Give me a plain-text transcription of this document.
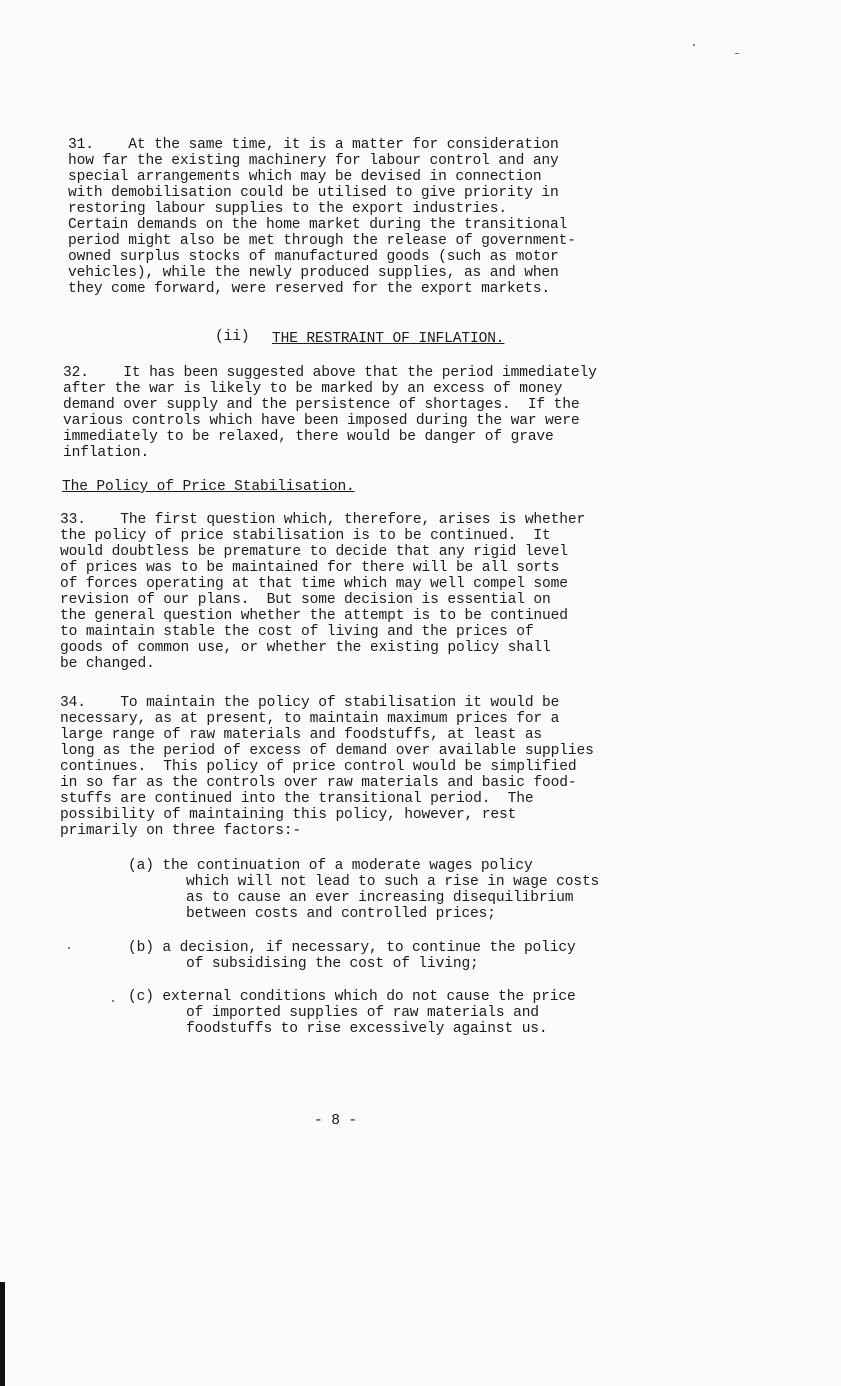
31.    At the same time, it is a matter for consideration
how far the existing machinery for labour control and any
special arrangements which may be devised in connection
with demobilisation could be utilised to give priority in
restoring labour supplies to the export industries.
Certain demands on the home market during the transitional
period might also be met through the release of government-
owned surplus stocks of manufactured goods (such as motor
vehicles), while the newly produced supplies, as and when
they come forward, were reserved for the export markets.
(ii) THE RESTRAINT OF INFLATION.
32.    It has been suggested above that the period immediately
after the war is likely to be marked by an excess of money
demand over supply and the persistence of shortages.  If the
various controls which have been imposed during the war were
immediately to be relaxed, there would be danger of grave
inflation.
The Policy of Price Stabilisation.
33.    The first question which, therefore, arises is whether
the policy of price stabilisation is to be continued.  It
would doubtless be premature to decide that any rigid level
of prices was to be maintained for there will be all sorts
of forces operating at that time which may well compel some
revision of our plans.  But some decision is essential on
the general question whether the attempt is to be continued
to maintain stable the cost of living and the prices of
goods of common use, or whether the existing policy shall
be changed.
34.    To maintain the policy of stabilisation it would be
necessary, as at present, to maintain maximum prices for a
large range of raw materials and foodstuffs, at least as
long as the period of excess of demand over available supplies
continues.  This policy of price control would be simplified
in so far as the controls over raw materials and basic food-
stuffs are continued into the transitional period.  The
possibility of maintaining this policy, however, rest
primarily on three factors:-
(a) the continuation of a moderate wages policy
which will not lead to such a rise in wage costs
as to cause an ever increasing disequilibrium
between costs and controlled prices;
(b) a decision, if necessary, to continue the policy
of subsidising the cost of living;
(c) external conditions which do not cause the price
of imported supplies of raw materials and
foodstuffs to rise excessively against us.
- 8 -
